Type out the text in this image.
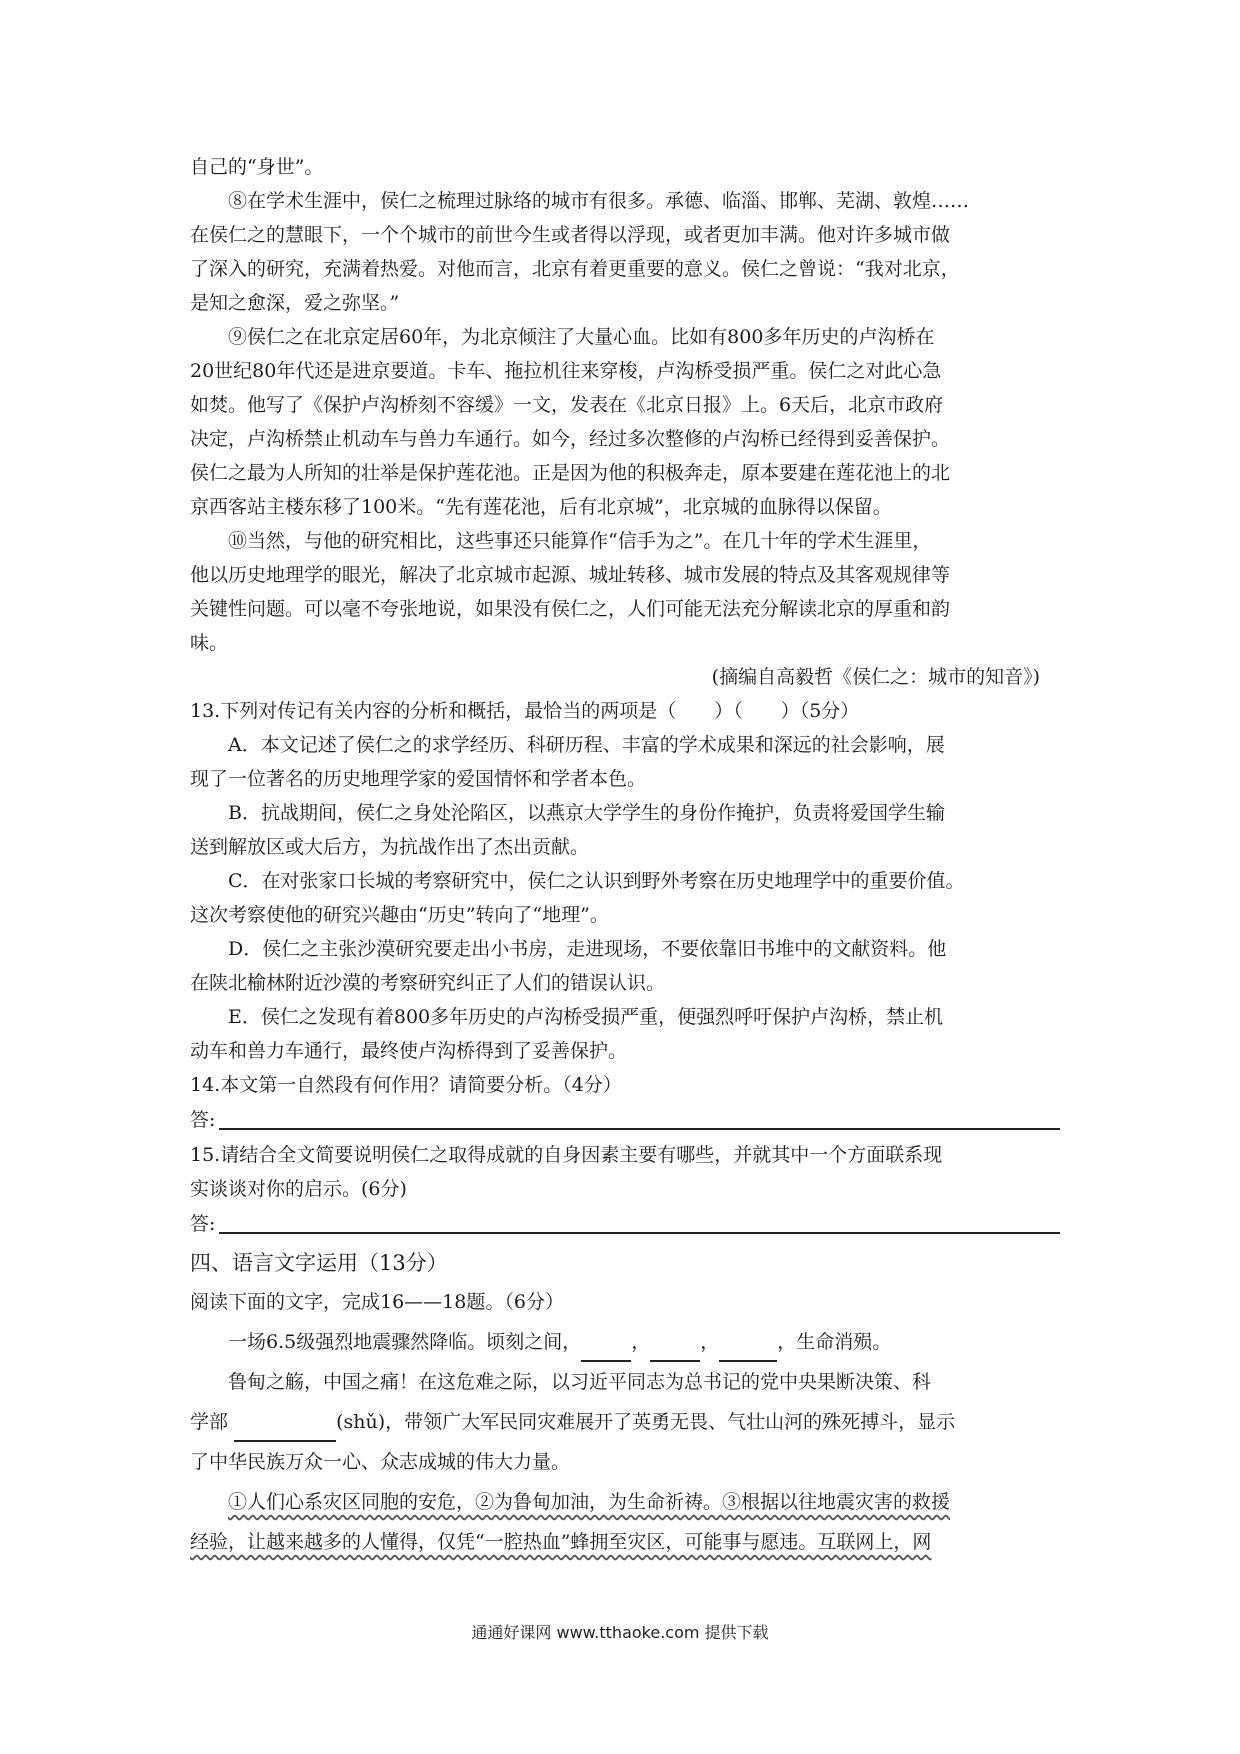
自己的“身世”。
⑧在学术生涯中，侯仁之梳理过脉络的城市有很多。承德、临淄、邯郸、芜湖、敦煌……
在侯仁之的慧眼下，一个个城市的前世今生或者得以浮现，或者更加丰满。他对许多城市做
了深入的研究，充满着热爱。对他而言，北京有着更重要的意义。侯仁之曾说：“我对北京，
是知之愈深，爱之弥坚。”
⑨侯仁之在北京定居60年，为北京倾注了大量心血。比如有800多年历史的卢沟桥在
20世纪80年代还是进京要道。卡车、拖拉机往来穿梭，卢沟桥受损严重。侯仁之对此心急
如焚。他写了《保护卢沟桥刻不容缓》一文，发表在《北京日报》上。6天后，北京市政府
决定，卢沟桥禁止机动车与兽力车通行。如今，经过多次整修的卢沟桥已经得到妥善保护。
侯仁之最为人所知的壮举是保护莲花池。正是因为他的积极奔走，原本要建在莲花池上的北
京西客站主楼东移了100米。“先有莲花池，后有北京城”，北京城的血脉得以保留。
⑩当然，与他的研究相比，这些事还只能算作“信手为之”。在几十年的学术生涯里，
他以历史地理学的眼光，解决了北京城市起源、城址转移、城市发展的特点及其客观规律等
关键性问题。可以毫不夸张地说，如果没有侯仁之，人们可能无法充分解读北京的厚重和韵
味。
(摘编自高毅哲《侯仁之：城市的知音》)
13.下列对传记有关内容的分析和概括，最恰当的两项是（　　）（　　）（5分）
A．本文记述了侯仁之的求学经历、科研历程、丰富的学术成果和深远的社会影响，展
现了一位著名的历史地理学家的爱国情怀和学者本色。
B．抗战期间，侯仁之身处沦陷区，以燕京大学学生的身份作掩护，负责将爱国学生输
送到解放区或大后方，为抗战作出了杰出贡献。
C．在对张家口长城的考察研究中，侯仁之认识到野外考察在历史地理学中的重要价值。
这次考察使他的研究兴趣由“历史”转向了“地理”。
D．侯仁之主张沙漠研究要走出小书房，走进现场，不要依靠旧书堆中的文献资料。他
在陕北榆林附近沙漠的考察研究纠正了人们的错误认识。
E．侯仁之发现有着800多年历史的卢沟桥受损严重，便强烈呼吁保护卢沟桥，禁止机
动车和兽力车通行，最终使卢沟桥得到了妥善保护。
14.本文第一自然段有何作用？请简要分析。（4分）
答:
15.请结合全文简要说明侯仁之取得成就的自身因素主要有哪些，并就其中一个方面联系现
实谈谈对你的启示。(6分)
答:
四、语言文字运用（13分）
阅读下面的文字，完成16——18题。（6分）
一场6.5级强烈地震骤然降临。顷刻之间，	，	，	，生命消殒。
鲁甸之觞，中国之痛！在这危难之际，以习近平同志为总书记的党中央果断决策、科
学部	(shǔ)，带领广大军民同灾难展开了英勇无畏、气壮山河的殊死搏斗，显示
了中华民族万众一心、众志成城的伟大力量。
①人们心系灾区同胞的安危，②为鲁甸加油，为生命祈祷。③根据以往地震灾害的救援
经验，让越来越多的人懂得，仅凭“一腔热血”蜂拥至灾区，可能事与愿违。互联网上，网
通通好课网 www.tthaoke.com 提供下载
